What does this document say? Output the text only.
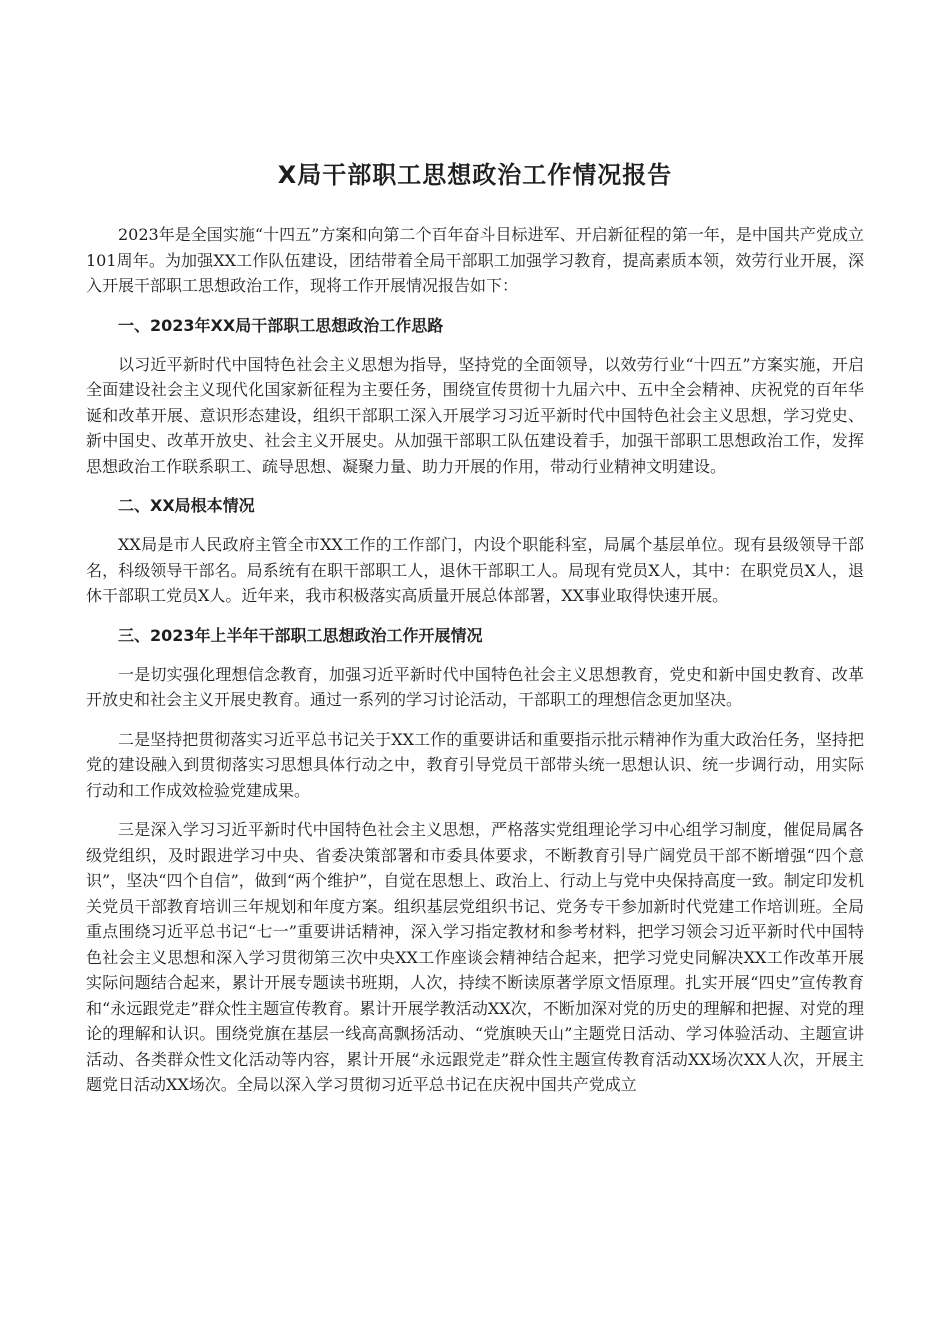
X局干部职工思想政治工作情况报告

2023年是全国实施“十四五”方案和向第二个百年奋斗目标进军、开启新征程的第一年，是中国共产党成立101周年。为加强XX工作队伍建设，团结带着全局干部职工加强学习教育，提高素质本领，效劳行业开展，深入开展干部职工思想政治工作，现将工作开展情况报告如下：

一、2023年XX局干部职工思想政治工作思路

以习近平新时代中国特色社会主义思想为指导，坚持党的全面领导，以效劳行业“十四五”方案实施，开启全面建设社会主义现代化国家新征程为主要任务，围绕宣传贯彻十九届六中、五中全会精神、庆祝党的百年华诞和改革开展、意识形态建设，组织干部职工深入开展学习习近平新时代中国特色社会主义思想，学习党史、新中国史、改革开放史、社会主义开展史。从加强干部职工队伍建设着手，加强干部职工思想政治工作，发挥思想政治工作联系职工、疏导思想、凝聚力量、助力开展的作用，带动行业精神文明建设。

二、XX局根本情况

XX局是市人民政府主管全市XX工作的工作部门，内设个职能科室，局属个基层单位。现有县级领导干部名，科级领导干部名。局系统有在职干部职工人，退休干部职工人。局现有党员X人，其中：在职党员X人，退休干部职工党员X人。近年来，我市积极落实高质量开展总体部署，XX事业取得快速开展。

三、2023年上半年干部职工思想政治工作开展情况

一是切实强化理想信念教育，加强习近平新时代中国特色社会主义思想教育，党史和新中国史教育、改革开放史和社会主义开展史教育。通过一系列的学习讨论活动，干部职工的理想信念更加坚决。

二是坚持把贯彻落实习近平总书记关于XX工作的重要讲话和重要指示批示精神作为重大政治任务，坚持把党的建设融入到贯彻落实习思想具体行动之中，教育引导党员干部带头统一思想认识、统一步调行动，用实际行动和工作成效检验党建成果。

三是深入学习习近平新时代中国特色社会主义思想，严格落实党组理论学习中心组学习制度，催促局属各级党组织，及时跟进学习中央、省委决策部署和市委具体要求，不断教育引导广阔党员干部不断增强“四个意识”，坚决“四个自信”，做到“两个维护”，自觉在思想上、政治上、行动上与党中央保持高度一致。制定印发机关党员干部教育培训三年规划和年度方案。组织基层党组织书记、党务专干参加新时代党建工作培训班。全局重点围绕习近平总书记“七一”重要讲话精神，深入学习指定教材和参考材料，把学习领会习近平新时代中国特色社会主义思想和深入学习贯彻第三次中央XX工作座谈会精神结合起来，把学习党史同解决XX工作改革开展实际问题结合起来，累计开展专题读书班期，人次，持续不断读原著学原文悟原理。扎实开展“四史”宣传教育和“永远跟党走”群众性主题宣传教育。累计开展学教活动XX次，不断加深对党的历史的理解和把握、对党的理论的理解和认识。围绕党旗在基层一线高高飘扬活动、“党旗映天山”主题党日活动、学习体验活动、主题宣讲活动、各类群众性文化活动等内容，累计开展“永远跟党走”群众性主题宣传教育活动XX场次XX人次，开展主题党日活动XX场次。全局以深入学习贯彻习近平总书记在庆祝中国共产党成立
